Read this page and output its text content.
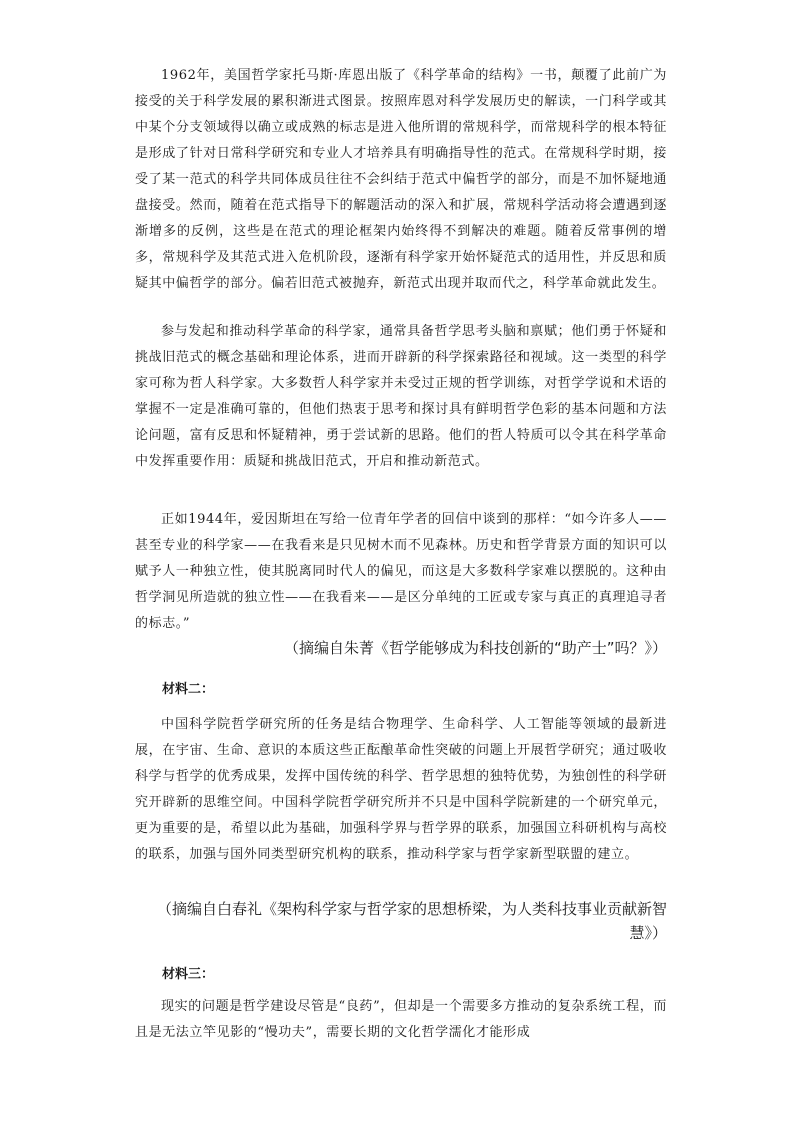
1962年，美国哲学家托马斯·库恩出版了《科学革命的结构》一书，颠覆了此前广为接受的关于科学发展的累积渐进式图景。按照库恩对科学发展历史的解读，一门科学或其中某个分支领域得以确立或成熟的标志是进入他所谓的常规科学，而常规科学的根本特征是形成了针对日常科学研究和专业人才培养具有明确指导性的范式。在常规科学时期，接受了某一范式的科学共同体成员往往不会纠结于范式中偏哲学的部分，而是不加怀疑地通盘接受。然而，随着在范式指导下的解题活动的深入和扩展，常规科学活动将会遭遇到逐渐增多的反例，这些是在范式的理论框架内始终得不到解决的难题。随着反常事例的增多，常规科学及其范式进入危机阶段，逐渐有科学家开始怀疑范式的适用性，并反思和质疑其中偏哲学的部分。偏若旧范式被抛弃，新范式出现并取而代之，科学革命就此发生。

参与发起和推动科学革命的科学家，通常具备哲学思考头脑和禀赋；他们勇于怀疑和挑战旧范式的概念基础和理论体系，进而开辟新的科学探索路径和视域。这一类型的科学家可称为哲人科学家。大多数哲人科学家并未受过正规的哲学训练，对哲学学说和术语的掌握不一定是准确可靠的，但他们热衷于思考和探讨具有鲜明哲学色彩的基本问题和方法论问题，富有反思和怀疑精神，勇于尝试新的思路。他们的哲人特质可以令其在科学革命中发挥重要作用：质疑和挑战旧范式，开启和推动新范式。

正如1944年，爱因斯坦在写给一位青年学者的回信中谈到的那样：“如今许多人——甚至专业的科学家——在我看来是只见树木而不见森林。历史和哲学背景方面的知识可以赋予人一种独立性，使其脱离同时代人的偏见，而这是大多数科学家难以摆脱的。这种由哲学洞见所造就的独立性——在我看来——是区分单纯的工匠或专家与真正的真理追寻者的标志。”

（摘编自朱菁《哲学能够成为科技创新的“助产士”吗？》）

材料二：

中国科学院哲学研究所的任务是结合物理学、生命科学、人工智能等领域的最新进展，在宇宙、生命、意识的本质这些正酝酿革命性突破的问题上开展哲学研究；通过吸收科学与哲学的优秀成果，发挥中国传统的科学、哲学思想的独特优势，为独创性的科学研究开辟新的思维空间。中国科学院哲学研究所并不只是中国科学院新建的一个研究单元，更为重要的是，希望以此为基础，加强科学界与哲学界的联系，加强国立科研机构与高校的联系，加强与国外同类型研究机构的联系，推动科学家与哲学家新型联盟的建立。

（摘编自白春礼《架构科学家与哲学家的思想桥梁，为人类科技事业贡献新智慧》）

材料三：

现实的问题是哲学建设尽管是“良药”，但却是一个需要多方推动的复杂系统工程，而且是无法立竿见影的“慢功夫”，需要长期的文化哲学濡化才能形成
